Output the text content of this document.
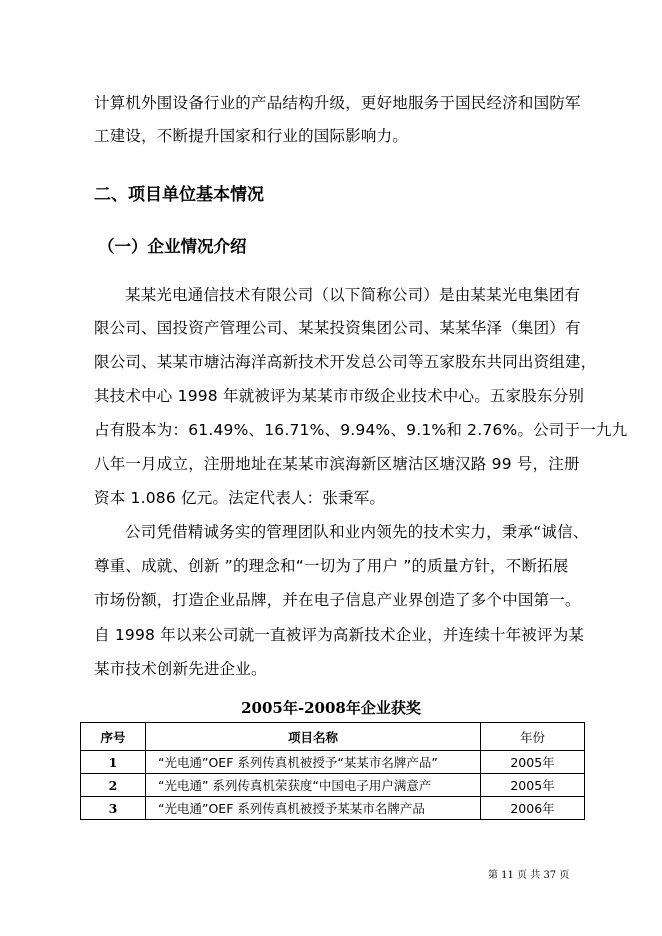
计算机外围设备行业的产品结构升级，更好地服务于国民经济和国防军
工建设，不断提升国家和行业的国际影响力。
二、项目单位基本情况
（一）企业情况介绍
某某光电通信技术有限公司（以下简称公司）是由某某光电集团有
限公司、国投资产管理公司、某某投资集团公司、某某华泽（集团）有
限公司、某某市塘沽海洋高新技术开发总公司等五家股东共同出资组建，
其技术中心 1998 年就被评为某某市市级企业技术中心。五家股东分别
占有股本为：61.49%、16.71%、9.94%、9.1%和 2.76%。公司于一九九
八年一月成立，注册地址在某某市滨海新区塘沽区塘汉路 99 号，注册
资本 1.086 亿元。法定代表人：张秉军。
公司凭借精诚务实的管理团队和业内领先的技术实力，秉承“诚信、
尊重、成就、创新 ”的理念和“一切为了用户 ”的质量方针，不断拓展
市场份额，打造企业品牌，并在电子信息产业界创造了多个中国第一。
自 1998 年以来公司就一直被评为高新技术企业，并连续十年被评为某
某市技术创新先进企业。
2005年-2008年企业获奖
序号	项目名称	年份
1	“光电通”OEF 系列传真机被授予“某某市名牌产品”	2005年
2	“光电通” 系列传真机荣获度“中国电子用户满意产	2005年
3	“光电通”OEF 系列传真机被授予某某市名牌产品	2006年
第 11 页 共 37 页
